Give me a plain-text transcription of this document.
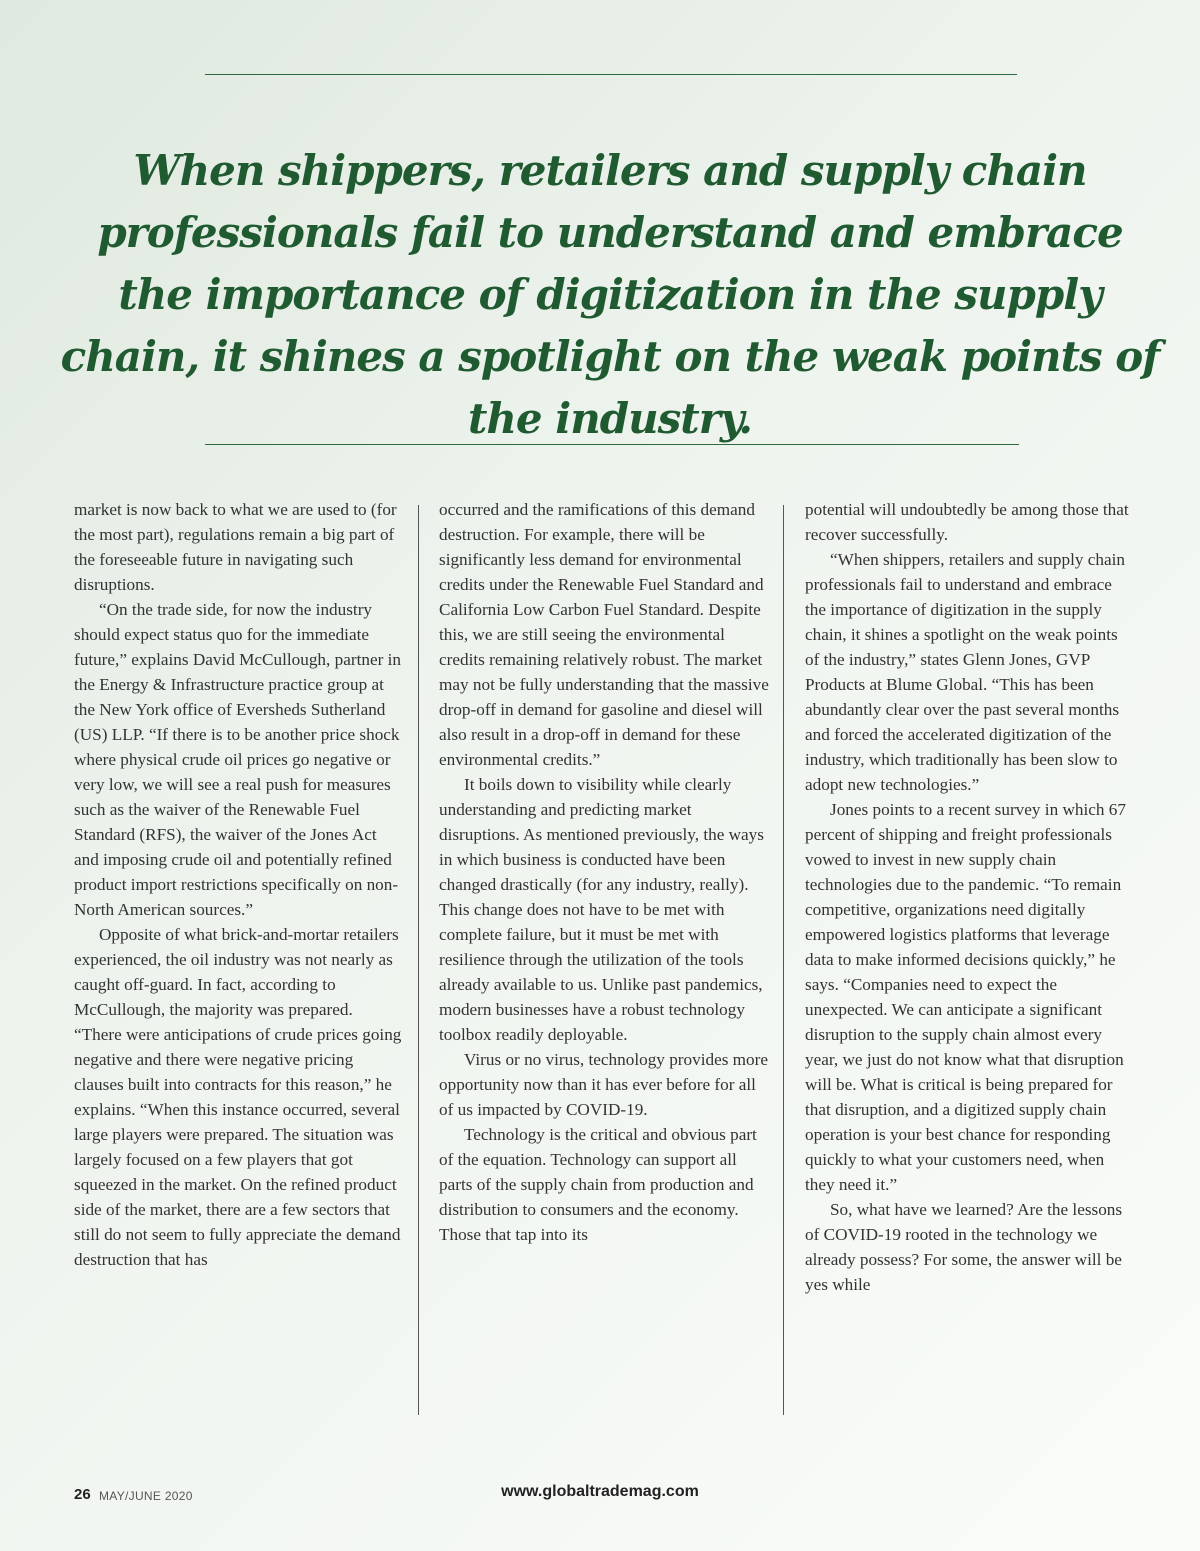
When shippers, retailers and supply chain professionals fail to understand and embrace the importance of digitization in the supply chain, it shines a spotlight on the weak points of the industry.

market is now back to what we are used to (for the most part), regulations remain a big part of the foreseeable future in navigating such disruptions.

“On the trade side, for now the industry should expect status quo for the immediate future,” explains David McCullough, partner in the Energy & Infrastructure practice group at the New York office of Eversheds Sutherland (US) LLP. “If there is to be another price shock where physical crude oil prices go negative or very low, we will see a real push for measures such as the waiver of the Renewable Fuel Standard (RFS), the waiver of the Jones Act and imposing crude oil and potentially refined product import restrictions specifically on non-North American sources.”

Opposite of what brick-and-mortar retailers experienced, the oil industry was not nearly as caught off-guard. In fact, according to McCullough, the majority was prepared. “There were anticipations of crude prices going negative and there were negative pricing clauses built into contracts for this reason,” he explains. “When this instance occurred, several large players were prepared. The situation was largely focused on a few players that got squeezed in the market. On the refined product side of the market, there are a few sectors that still do not seem to fully appreciate the demand destruction that has

occurred and the ramifications of this demand destruction. For example, there will be significantly less demand for environmental credits under the Renewable Fuel Standard and California Low Carbon Fuel Standard. Despite this, we are still seeing the environmental credits remaining relatively robust. The market may not be fully understanding that the massive drop-off in demand for gasoline and diesel will also result in a drop-off in demand for these environmental credits.”

It boils down to visibility while clearly understanding and predicting market disruptions. As mentioned previously, the ways in which business is conducted have been changed drastically (for any industry, really). This change does not have to be met with complete failure, but it must be met with resilience through the utilization of the tools already available to us. Unlike past pandemics, modern businesses have a robust technology toolbox readily deployable.

Virus or no virus, technology provides more opportunity now than it has ever before for all of us impacted by COVID-19.

Technology is the critical and obvious part of the equation. Technology can support all parts of the supply chain from production and distribution to consumers and the economy. Those that tap into its

potential will undoubtedly be among those that recover successfully.

“When shippers, retailers and supply chain professionals fail to understand and embrace the importance of digitization in the supply chain, it shines a spotlight on the weak points of the industry,” states Glenn Jones, GVP Products at Blume Global. “This has been abundantly clear over the past several months and forced the accelerated digitization of the industry, which traditionally has been slow to adopt new technologies.”

Jones points to a recent survey in which 67 percent of shipping and freight professionals vowed to invest in new supply chain technologies due to the pandemic. “To remain competitive, organizations need digitally empowered logistics platforms that leverage data to make informed decisions quickly,” he says. “Companies need to expect the unexpected. We can anticipate a significant disruption to the supply chain almost every year, we just do not know what that disruption will be. What is critical is being prepared for that disruption, and a digitized supply chain operation is your best chance for responding quickly to what your customers need, when they need it.”

So, what have we learned? Are the lessons of COVID-19 rooted in the technology we already possess? For some, the answer will be yes while

26 MAY/JUNE 2020	www.globaltrademag.com
